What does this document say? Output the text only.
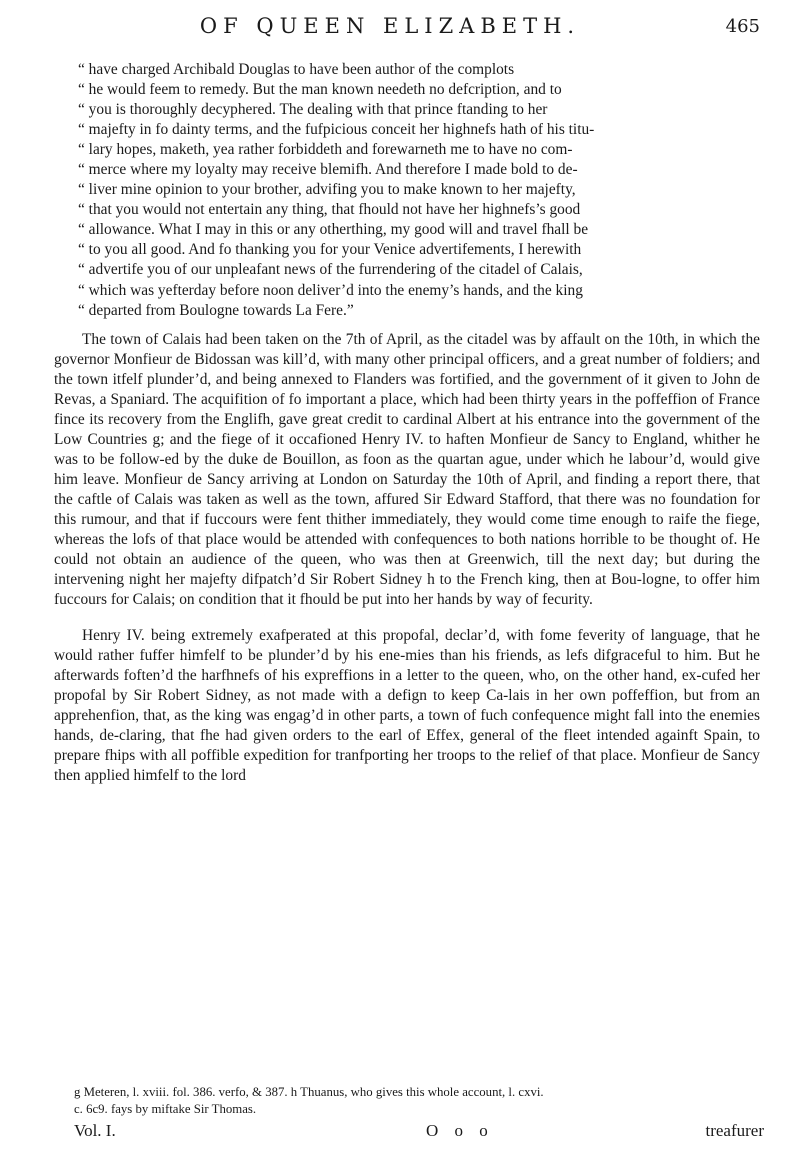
OF QUEEN ELIZABETH.	465
“ have charged Archibald Douglas to have been author of the complots
“ he would feem to remedy. But the man known needeth no defcription, and to
“ you is thoroughly decyphered. The dealing with that prince ftanding to her
“ majefty in fo dainty terms, and the fufpicious conceit her highnefs hath of his titu-
“ lary hopes, maketh, yea rather forbiddeth and forewarneth me to have no com-
“ merce where my loyalty may receive blemifh. And therefore I made bold to de-
“ liver mine opinion to your brother, advifing you to make known to her majefty,
“ that you would not entertain any thing, that fhould not have her highnefs’s good
“ allowance. What I may in this or any otherthing, my good will and travel fhall be
“ to you all good. And fo thanking you for your Venice advertifements, I herewith
“ advertife you of our unpleafant news of the furrendering of the citadel of Calais,
“ which was yefterday before noon deliver’d into the enemy’s hands, and the king
“ departed from Boulogne towards La Fere.”

The town of Calais had been taken on the 7th of April, as the citadel was by affault on the 10th, in which the governor Monfieur de Bidossan was kill’d, with many other principal officers, and a great number of foldiers; and the town itfelf plunder’d, and being annexed to Flanders was fortified, and the government of it given to John de Revas, a Spaniard. The acquifition of fo important a place, which had been thirty years in the poffeffion of France fince its recovery from the Englifh, gave great credit to cardinal Albert at his entrance into the government of the Low Countries g; and the fiege of it occafioned Henry IV. to haften Monfieur de Sancy to England, whither he was to be follow-ed by the duke de Bouillon, as foon as the quartan ague, under which he labour’d, would give him leave. Monfieur de Sancy arriving at London on Saturday the 10th of April, and finding a report there, that the caftle of Calais was taken as well as the town, affured Sir Edward Stafford, that there was no foundation for this rumour, and that if fuccours were fent thither immediately, they would come time enough to raife the fiege, whereas the lofs of that place would be attended with confequences to both nations horrible to be thought of. He could not obtain an audience of the queen, who was then at Greenwich, till the next day; but during the intervening night her majefty difpatch’d Sir Robert Sidney h to the French king, then at Bou-logne, to offer him fuccours for Calais; on condition that it fhould be put into her hands by way of fecurity.

Henry IV. being extremely exafperated at this propofal, declar’d, with fome feverity of language, that he would rather fuffer himfelf to be plunder’d by his ene-mies than his friends, as lefs difgraceful to him. But he afterwards foften’d the harfhnefs of his expreffions in a letter to the queen, who, on the other hand, ex-cufed her propofal by Sir Robert Sidney, as not made with a defign to keep Ca-lais in her own poffeffion, but from an apprehenfion, that, as the king was engag’d in other parts, a town of fuch confequence might fall into the enemies hands, de-claring, that fhe had given orders to the earl of Effex, general of the fleet intended againft Spain, to prepare fhips with all poffible expedition for tranfporting her troops to the relief of that place. Monfieur de Sancy then applied himfelf to the lord

g Meteren, l. xviii. fol. 386. verfo, & 387. h Thuanus, who gives this whole account, l. cxvi.
c. 6c9. fays by miftake Sir Thomas.
Vol. I.	O o o	treafurer
